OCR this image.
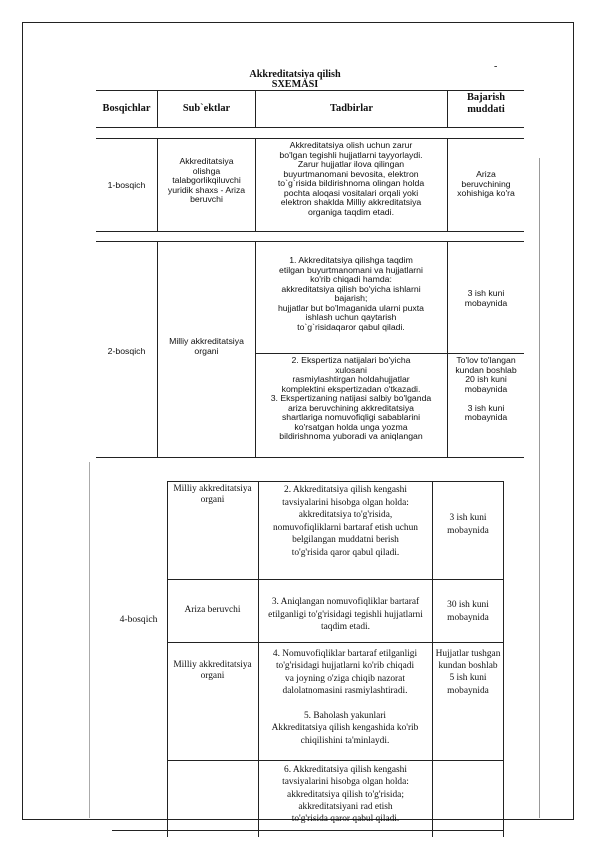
Akkreditatsiya qilish
SXEMASI
-
Bosqichlar	Sub`ektlar	Tadbirlar
Bajarish
muddati
1-bosqich
Akkreditatsiya
olishga
talabgorlikqiluvchi
yuridik shaxs - Ariza
beruvchi
Akkreditatsiya olish uchun zarur
bo'lgan tegishli hujjatlarni tayyorlaydi.
Zarur hujjatlar ilova qilingan
buyurtmanomani bevosita, elektron
to`g`risida bildirishnoma olingan holda
pochta aloqasi vositalari orqali yoki
elektron shaklda Milliy akkreditatsiya
organiga taqdim etadi.
Ariza
beruvchining
xohishiga ko'ra
2-bosqich
Milliy akkreditatsiya
organi
1. Akkreditatsiya qilishga taqdim
etilgan buyurtmanomani va hujjatlarni
ko'rib chiqadi hamda:
akkreditatsiya qilish bo'yicha ishlarni
bajarish;
hujjatlar but bo'lmaganida ularni puxta
ishlash uchun qaytarish
to`g`risidaqaror qabul qiladi.
3 ish kuni
mobaynida
2. Ekspertiza natijalari bo'yicha
xulosani
rasmiylashtirgan holdahujjatlar
komplektini ekspertizadan o'tkazadi.
3. Ekspertizaning natijasi salbiy bo'lganda
ariza beruvchining akkreditatsiya
shartlariga nomuvofiqligi sabablarini
ko'rsatgan holda unga yozma
bildirishnoma yuboradi va aniqlangan
To'lov to'langan
kundan boshlab
20 ish kuni
mobaynida

3 ish kuni
mobaynida
4-bosqich
Milliy akkreditatsiya
organi
2. Akkreditatsiya qilish kengashi
tavsiyalarini hisobga olgan holda:
akkreditatsiya to'g'risida,
nomuvofiqliklarni bartaraf etish uchun
belgilangan muddatni berish
to'g'risida qaror qabul qiladi.
3 ish kuni
mobaynida
Ariza beruvchi
3. Aniqlangan nomuvofiqliklar bartaraf
etilganligi to'g'risidagi tegishli hujjatlarni
taqdim etadi.
30 ish kuni
mobaynida
Milliy akkreditatsiya
organi
4. Nomuvofiqliklar bartaraf etilganligi
to'g'risidagi hujjatlarni ko'rib chiqadi
va joyning o'ziga chiqib nazorat
dalolatnomasini rasmiylashtiradi.

5. Baholash yakunlari
Akkreditatsiya qilish kengashida ko'rib
chiqilishini ta'minlaydi.
Hujjatlar tushgan
kundan boshlab
5 ish kuni
mobaynida
6. Akkreditatsiya qilish kengashi
tavsiyalarini hisobga olgan holda:
akkreditatsiya qilish to'g'risida;
akkreditatsiyani rad etish
to'g'risida qaror qabul qiladi.
